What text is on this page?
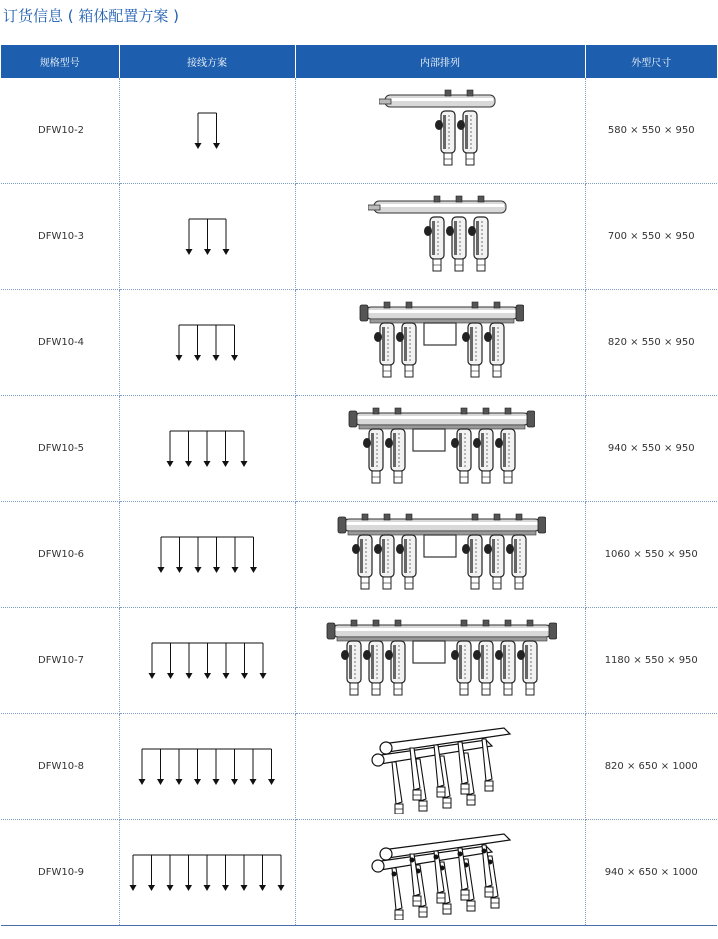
订货信息 ( 箱体配置方案 )
规格型号	接线方案	内部排列	外型尺寸
DFW10-2			580 × 550 × 950
DFW10-3			700 × 550 × 950
DFW10-4			820 × 550 × 950
DFW10-5			940 × 550 × 950
DFW10-6			1060 × 550 × 950
DFW10-7			1180 × 550 × 950
DFW10-8			820 × 650 × 1000
DFW10-9			940 × 650 × 1000
